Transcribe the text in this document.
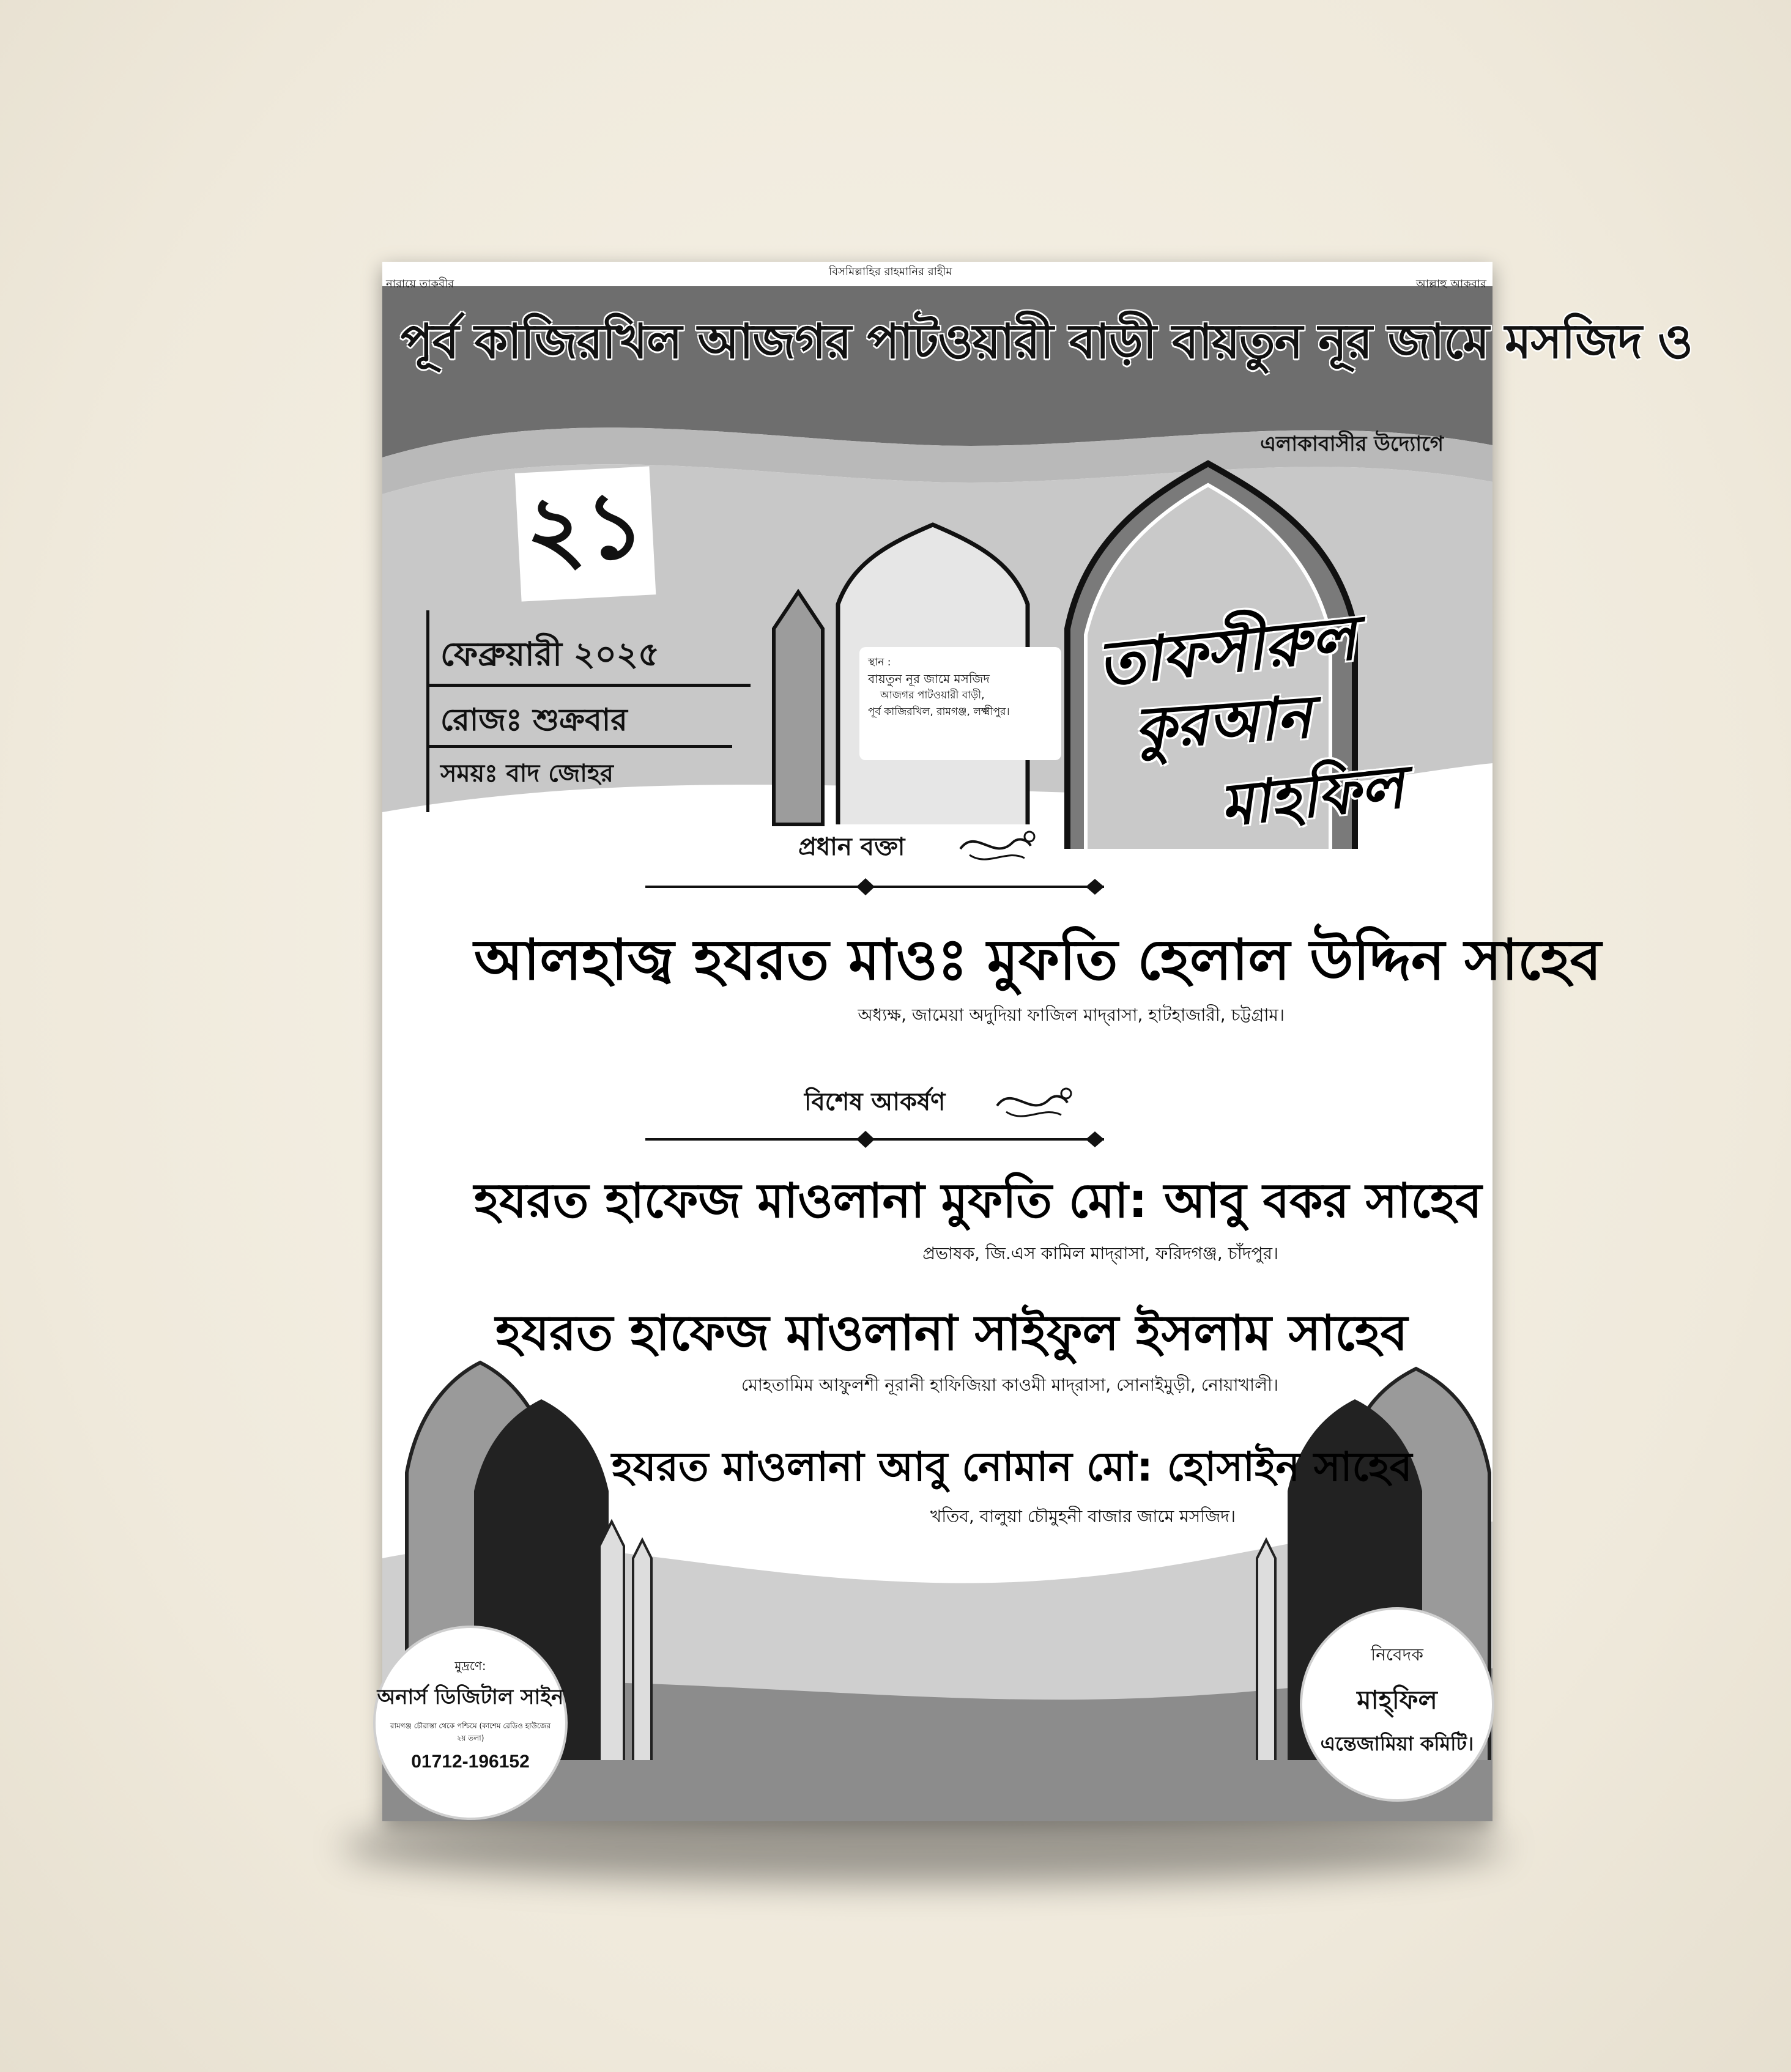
নারায়ে তাকবীর
বিসমিল্লাহির রাহমানির রাহীম
আল্লাহু আকবার
পূর্ব কাজিরখিল আজগর পাটওয়ারী বাড়ী বায়তুন নূর জামে মসজিদ ও
এলাকাবাসীর উদ্যোগে
২১
ফেব্রুয়ারী ২০২৫
রোজঃ শুক্রবার
সময়ঃ বাদ জোহর
স্থান :
বায়তুন নূর জামে মসজিদ
আজগর পাটওয়ারী বাড়ী,
পূর্ব কাজিরখিল, রামগঞ্জ, লক্ষ্মীপুর।
তাফসীরুল
কুরআন
মাহফিল
প্রধান বক্তা
আলহাজ্ব হযরত মাওঃ মুফতি হেলাল উদ্দিন সাহেব
অধ্যক্ষ, জামেয়া অদুদিয়া ফাজিল মাদ্‌রাসা, হাটহাজারী, চট্টগ্রাম।
বিশেষ আকর্ষণ
হযরত হাফেজ মাওলানা মুফতি মো: আবু বকর সাহেব
প্রভাষক, জি.এস কামিল মাদ্‌রাসা, ফরিদগঞ্জ, চাঁদপুর।
হযরত হাফেজ মাওলানা সাইফুল ইসলাম সাহেব
মোহতামিম আফুলশী নূরানী হাফিজিয়া কাওমী মাদ্‌রাসা, সোনাইমুড়ী, নোয়াখালী।
হযরত মাওলানা আবু নোমান মো: হোসাইন সাহেব
খতিব, বালুয়া চৌমুহনী বাজার জামে মসজিদ।
মুদ্রণে:
অনার্স ডিজিটাল সাইন
রামগঞ্জ চৌরাস্তা থেকে পশ্চিমে (কাশেম রেডিও হাউজের ২য় তলা)
01712-196152
নিবেদক
মাহ্‌ফিল
এন্তেজামিয়া কমিটি।
